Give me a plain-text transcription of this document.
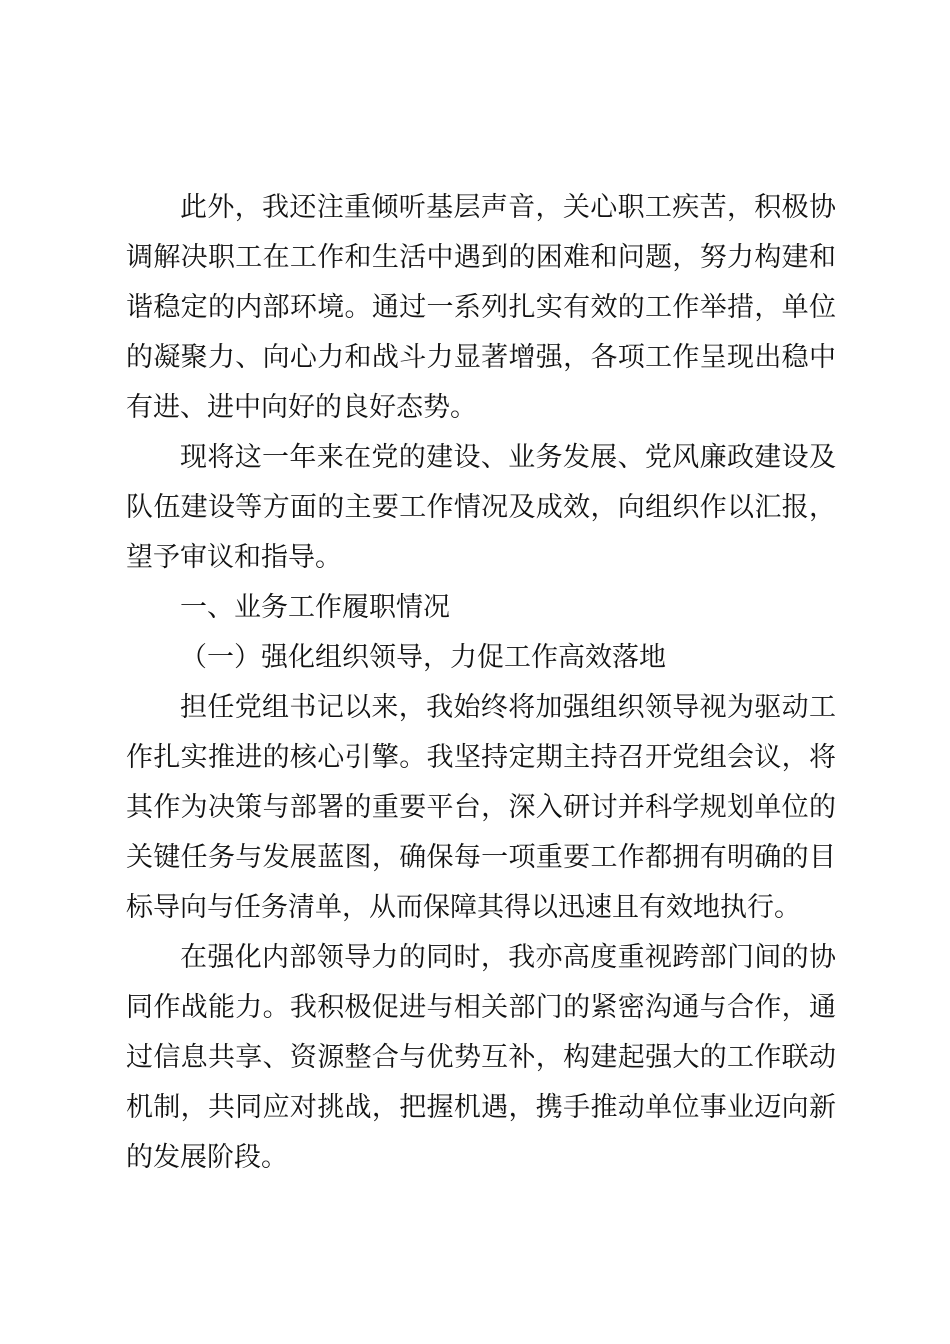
此外，我还注重倾听基层声音，关心职工疾苦，积极协调解决职工在工作和生活中遇到的困难和问题，努力构建和谐稳定的内部环境。通过一系列扎实有效的工作举措，单位的凝聚力、向心力和战斗力显著增强，各项工作呈现出稳中有进、进中向好的良好态势。

现将这一年来在党的建设、业务发展、党风廉政建设及队伍建设等方面的主要工作情况及成效，向组织作以汇报，望予审议和指导。

一、业务工作履职情况

（一）强化组织领导，力促工作高效落地

担任党组书记以来，我始终将加强组织领导视为驱动工作扎实推进的核心引擎。我坚持定期主持召开党组会议，将其作为决策与部署的重要平台，深入研讨并科学规划单位的关键任务与发展蓝图，确保每一项重要工作都拥有明确的目标导向与任务清单，从而保障其得以迅速且有效地执行。

在强化内部领导力的同时，我亦高度重视跨部门间的协同作战能力。我积极促进与相关部门的紧密沟通与合作，通过信息共享、资源整合与优势互补，构建起强大的工作联动机制，共同应对挑战，把握机遇，携手推动单位事业迈向新的发展阶段。
